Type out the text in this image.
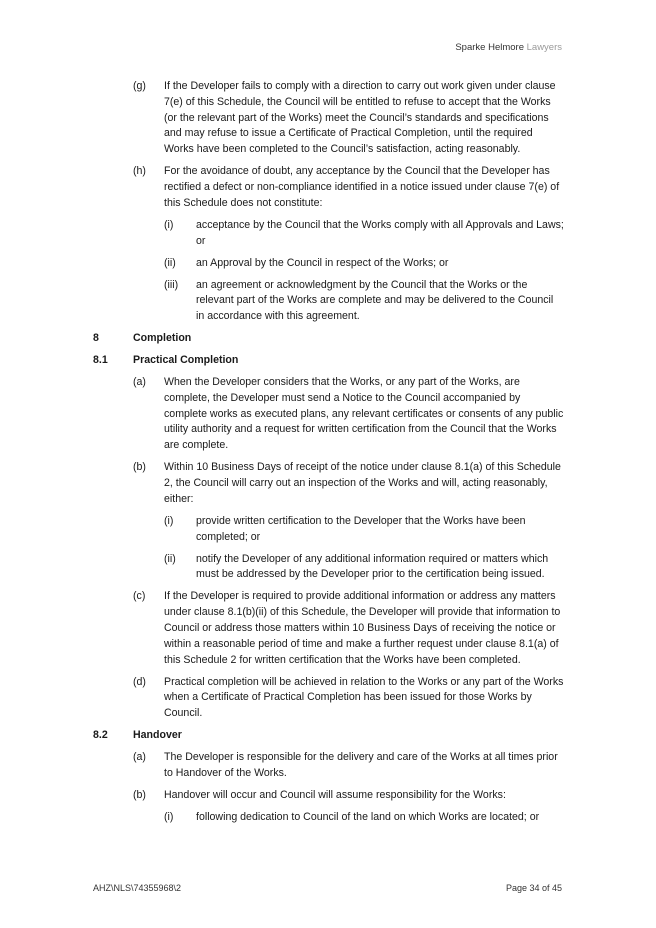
Sparke Helmore Lawyers
(g) If the Developer fails to comply with a direction to carry out work given under clause 7(e) of this Schedule, the Council will be entitled to refuse to accept that the Works (or the relevant part of the Works) meet the Council’s standards and specifications and may refuse to issue a Certificate of Practical Completion, until the required Works have been completed to the Council’s satisfaction, acting reasonably.
(h) For the avoidance of doubt, any acceptance by the Council that the Developer has rectified a defect or non-compliance identified in a notice issued under clause 7(e) of this Schedule does not constitute:
(i) acceptance by the Council that the Works comply with all Approvals and Laws; or
(ii) an Approval by the Council in respect of the Works; or
(iii) an agreement or acknowledgment by the Council that the Works or the relevant part of the Works are complete and may be delivered to the Council in accordance with this agreement.
8	Completion
8.1 Practical Completion
(a) When the Developer considers that the Works, or any part of the Works, are complete, the Developer must send a Notice to the Council accompanied by complete works as executed plans, any relevant certificates or consents of any public utility authority and a request for written certification from the Council that the Works are complete.
(b) Within 10 Business Days of receipt of the notice under clause 8.1(a) of this Schedule 2, the Council will carry out an inspection of the Works and will, acting reasonably, either:
(i) provide written certification to the Developer that the Works have been completed; or
(ii) notify the Developer of any additional information required or matters which must be addressed by the Developer prior to the certification being issued.
(c) If the Developer is required to provide additional information or address any matters under clause 8.1(b)(ii) of this Schedule, the Developer will provide that information to Council or address those matters within 10 Business Days of receiving the notice or within a reasonable period of time and make a further request under clause 8.1(a) of this Schedule 2 for written certification that the Works have been completed.
(d) Practical completion will be achieved in relation to the Works or any part of the Works when a Certificate of Practical Completion has been issued for those Works by Council.
8.2 Handover
(a) The Developer is responsible for the delivery and care of the Works at all times prior to Handover of the Works.
(b) Handover will occur and Council will assume responsibility for the Works:
(i) following dedication to Council of the land on which Works are located; or
AHZ\NLS\74355968\2	Page 34 of 45
